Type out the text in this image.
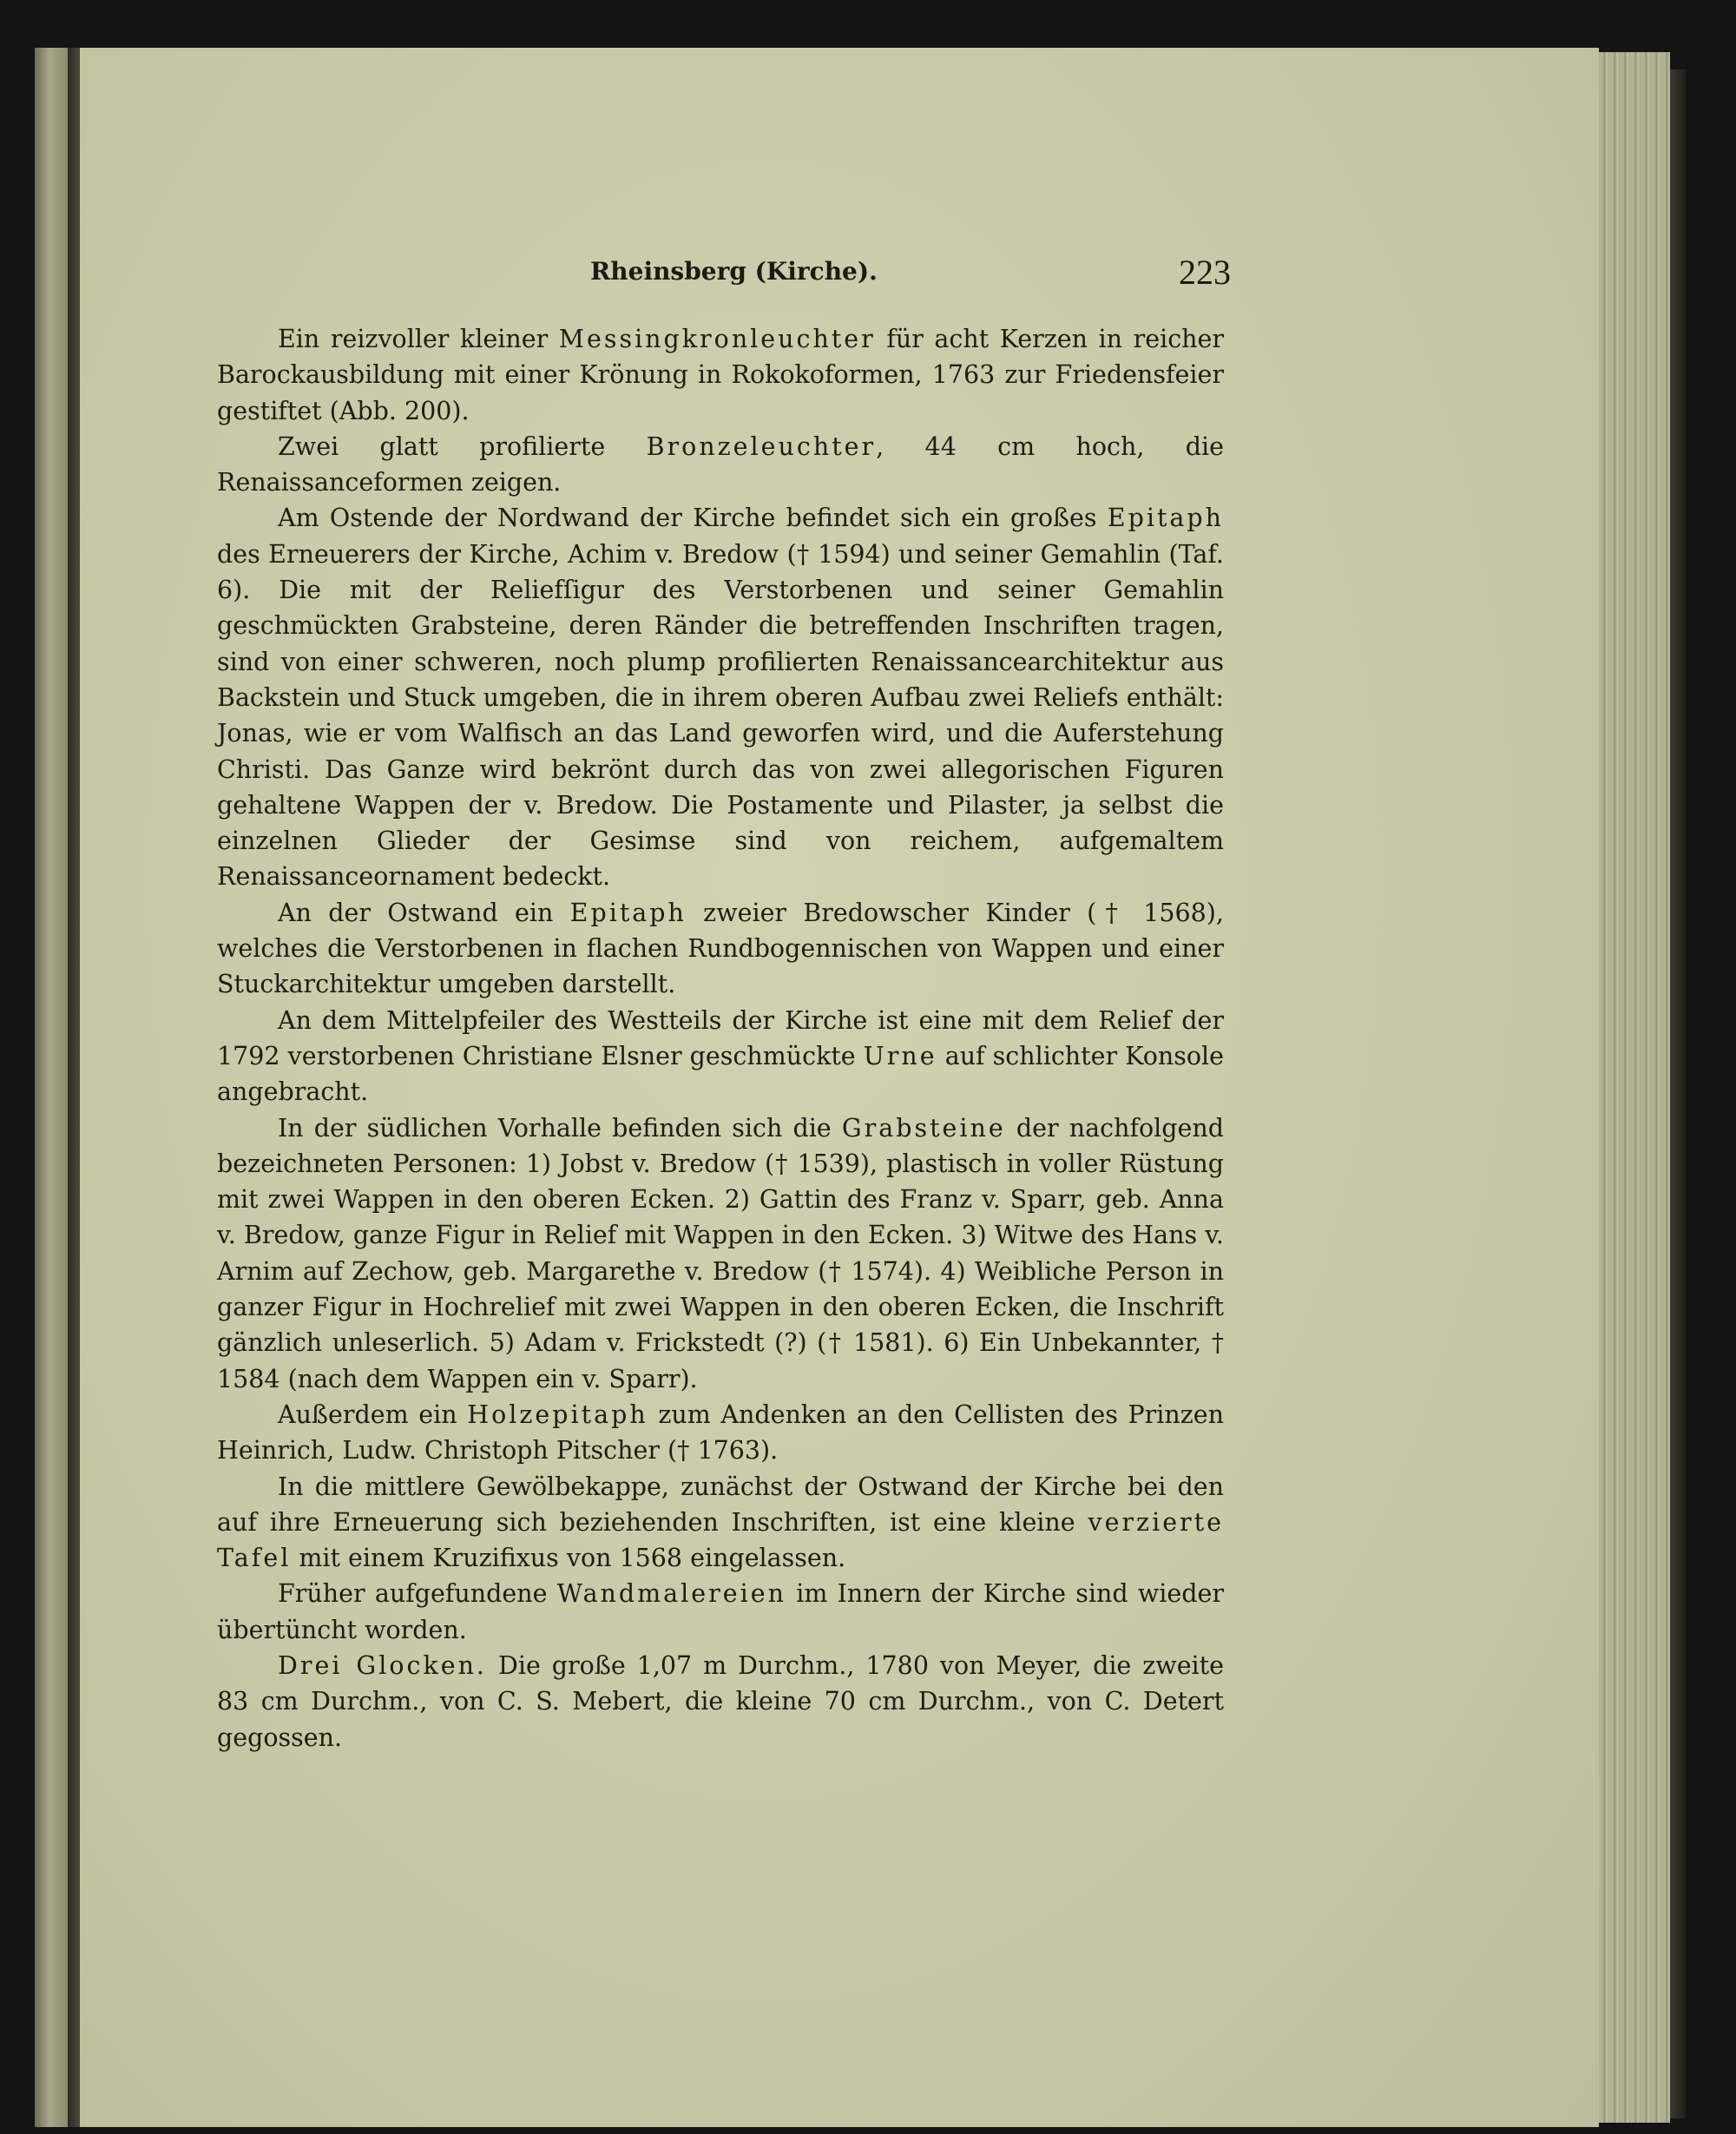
Rheinsberg (Kirche).	223

Ein reizvoller kleiner Messingkronleuchter für acht Kerzen in reicher Barockausbildung mit einer Krönung in Rokokoformen, 1763 zur Friedensfeier gestiftet (Abb. 200).

Zwei glatt profilierte Bronzeleuchter, 44 cm hoch, die Renaissanceformen zeigen.

Am Ostende der Nordwand der Kirche befindet sich ein großes Epitaph des Erneuerers der Kirche, Achim v. Bredow († 1594) und seiner Gemahlin (Taf. 6). Die mit der Reliefſigur des Verstorbenen und seiner Gemahlin geschmückten Grabsteine, deren Ränder die betreffenden Inschriften tragen, sind von einer schweren, noch plump profilierten Renaissancearchitektur aus Backstein und Stuck umgeben, die in ihrem oberen Aufbau zwei Reliefs enthält: Jonas, wie er vom Walfisch an das Land geworfen wird, und die Auferstehung Christi. Das Ganze wird bekrönt durch das von zwei allegorischen Figuren gehaltene Wappen der v. Bredow. Die Postamente und Pilaster, ja selbst die einzelnen Glieder der Gesimse sind von reichem, aufgemaltem Renaissanceornament bedeckt.

An der Ostwand ein Epitaph zweier Bredowscher Kinder († 1568), welches die Verstorbenen in flachen Rundbogennischen von Wappen und einer Stuckarchitektur umgeben darstellt.

An dem Mittelpfeiler des Westteils der Kirche ist eine mit dem Relief der 1792 verstorbenen Christiane Elsner geschmückte Urne auf schlichter Konsole angebracht.

In der südlichen Vorhalle befinden sich die Grabsteine der nachfolgend bezeichneten Personen: 1) Jobst v. Bredow († 1539), plastisch in voller Rüstung mit zwei Wappen in den oberen Ecken. 2) Gattin des Franz v. Sparr, geb. Anna v. Bredow, ganze Figur in Relief mit Wappen in den Ecken. 3) Witwe des Hans v. Arnim auf Zechow, geb. Margarethe v. Bredow († 1574). 4) Weibliche Person in ganzer Figur in Hochrelief mit zwei Wappen in den oberen Ecken, die Inschrift gänzlich unleserlich. 5) Adam v. Frickstedt (?) († 1581). 6) Ein Unbekannter, † 1584 (nach dem Wappen ein v. Sparr).

Außerdem ein Holzepitaph zum Andenken an den Cellisten des Prinzen Heinrich, Ludw. Christoph Pitscher († 1763).

In die mittlere Gewölbekappe, zunächst der Ostwand der Kirche bei den auf ihre Erneuerung sich beziehenden Inschriften, ist eine kleine verzierte Tafel mit einem Kruzifixus von 1568 eingelassen.

Früher aufgefundene Wandmalereien im Innern der Kirche sind wieder übertüncht worden.

Drei Glocken. Die große 1,07 m Durchm., 1780 von Meyer, die zweite 83 cm Durchm., von C. S. Mebert, die kleine 70 cm Durchm., von C. Detert gegossen.
